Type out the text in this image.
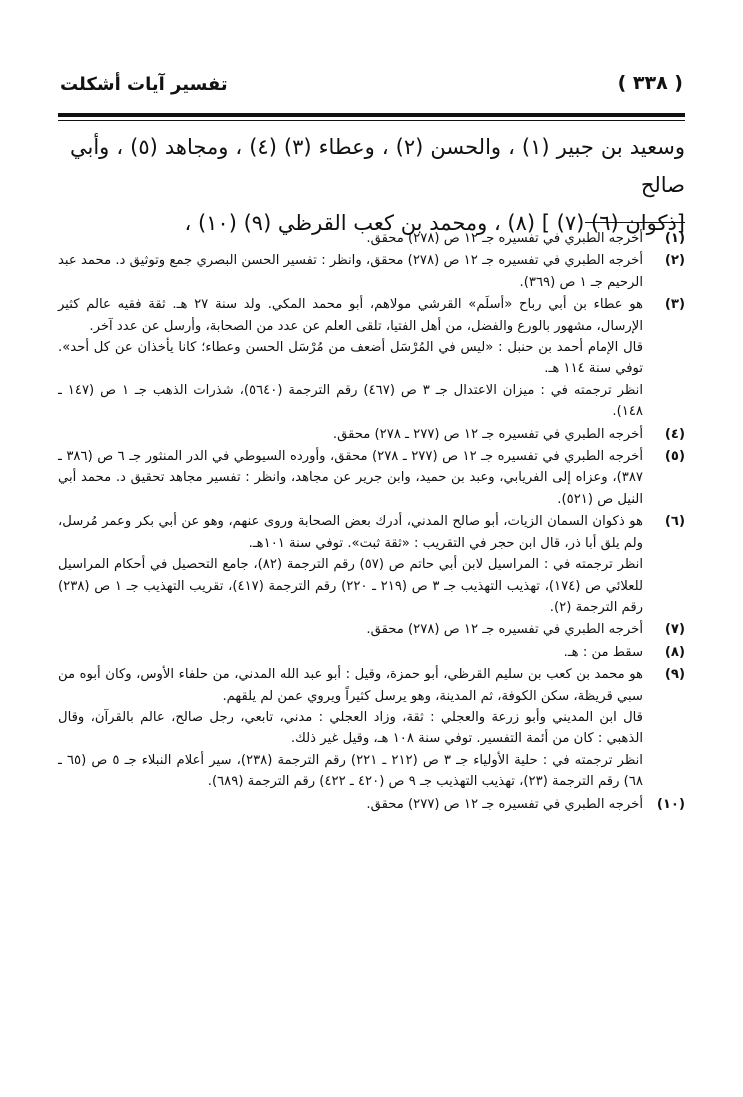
( ٣٣٨ )
تفسير آيات أشكلت

وسعيد بن جبير (١) ، والحسن (٢) ، وعطاء (٣) (٤) ، ومجاهد (٥) ، وأبي صالح

[ذكوان (٦) (٧) ] (٨) ، ومحمد بن كعب القرظي (٩) (١٠) ،

(١)

أخرجه الطبري في تفسيره جـ ١٢ ص (٢٧٨) محقق.

(٢)

أخرجه الطبري في تفسيره جـ ١٢ ص (٢٧٨) محقق، وانظر : تفسير الحسن البصري جمع وتوثيق د. محمد عبد الرحيم جـ ١ ص (٣٦٩).

(٣)

هو عطاء بن أبي رباح «أسلَم» القرشي مولاهم، أبو محمد المكي. ولد سنة ٢٧ هـ. ثقة فقيه عالم كثير الإرسال، مشهور بالورع والفضل، من أهل الفتيا، تلقى العلم عن عدد من الصحابة، وأرسل عن عدد آخر.

قال الإمام أحمد بن حنبل : «ليس في المُرْسَل أضعف من مُرْسَل الحسن وعطاء؛ كانا يأخذان عن كل أحد». توفي سنة ١١٤ هـ.

انظر ترجمته في : ميزان الاعتدال جـ ٣ ص (٤٦٧) رقم الترجمة (٥٦٤٠)، شذرات الذهب جـ ١ ص (١٤٧ ـ ١٤٨).

(٤)

أخرجه الطبري في تفسيره جـ ١٢ ص (٢٧٧ ـ ٢٧٨) محقق.

(٥)

أخرجه الطبري في تفسيره جـ ١٢ ص (٢٧٧ ـ ٢٧٨) محقق، وأورده السيوطي في الدر المنثور جـ ٦ ص (٣٨٦ ـ ٣٨٧)، وعزاه إلى الفريابي، وعبد بن حميد، وابن جرير عن مجاهد، وانظر : تفسير مجاهد تحقيق د. محمد أبي النيل ص (٥٢١).

(٦)

هو ذكوان السمان الزيات، أبو صالح المدني، أدرك بعض الصحابة وروى عنهم، وهو عن أبي بكر وعمر مُرسل، ولم يلق أبا ذر، قال ابن حجر في التقريب : «ثقة ثبت». توفي سنة ١٠١هـ.

انظر ترجمته في : المراسيل لابن أبي حاتم ص (٥٧) رقم الترجمة (٨٢)، جامع التحصيل في أحكام المراسيل للعلائي ص (١٧٤)، تهذيب التهذيب جـ ٣ ص (٢١٩ ـ ٢٢٠) رقم الترجمة (٤١٧)، تقريب التهذيب جـ ١ ص (٢٣٨) رقم الترجمة (٢).

(٧)

أخرجه الطبري في تفسيره جـ ١٢ ص (٢٧٨) محقق.

(٨)

سقط من : هـ.

(٩)

هو محمد بن كعب بن سليم القرظي، أبو حمزة، وقيل : أبو عبد الله المدني، من حلفاء الأوس، وكان أبوه من سبي قريظة، سكن الكوفة، ثم المدينة، وهو يرسل كثيراً ويروي عمن لم يلقهم.

قال ابن المديني وأبو زرعة والعجلي : ثقة، وزاد العجلي : مدني، تابعي، رجل صالح، عالم بالقرآن، وقال الذهبي : كان من أئمة التفسير. توفي سنة ١٠٨ هـ، وقيل غير ذلك.

انظر ترجمته في : حلية الأولياء جـ ٣ ص (٢١٢ ـ ٢٢١) رقم الترجمة (٢٣٨)، سير أعلام النبلاء جـ ٥ ص (٦٥ ـ ٦٨) رقم الترجمة (٢٣)، تهذيب التهذيب جـ ٩ ص (٤٢٠ ـ ٤٢٢) رقم الترجمة (٦٨٩).

(١٠)

أخرجه الطبري في تفسيره جـ ١٢ ص (٢٧٧) محقق.
